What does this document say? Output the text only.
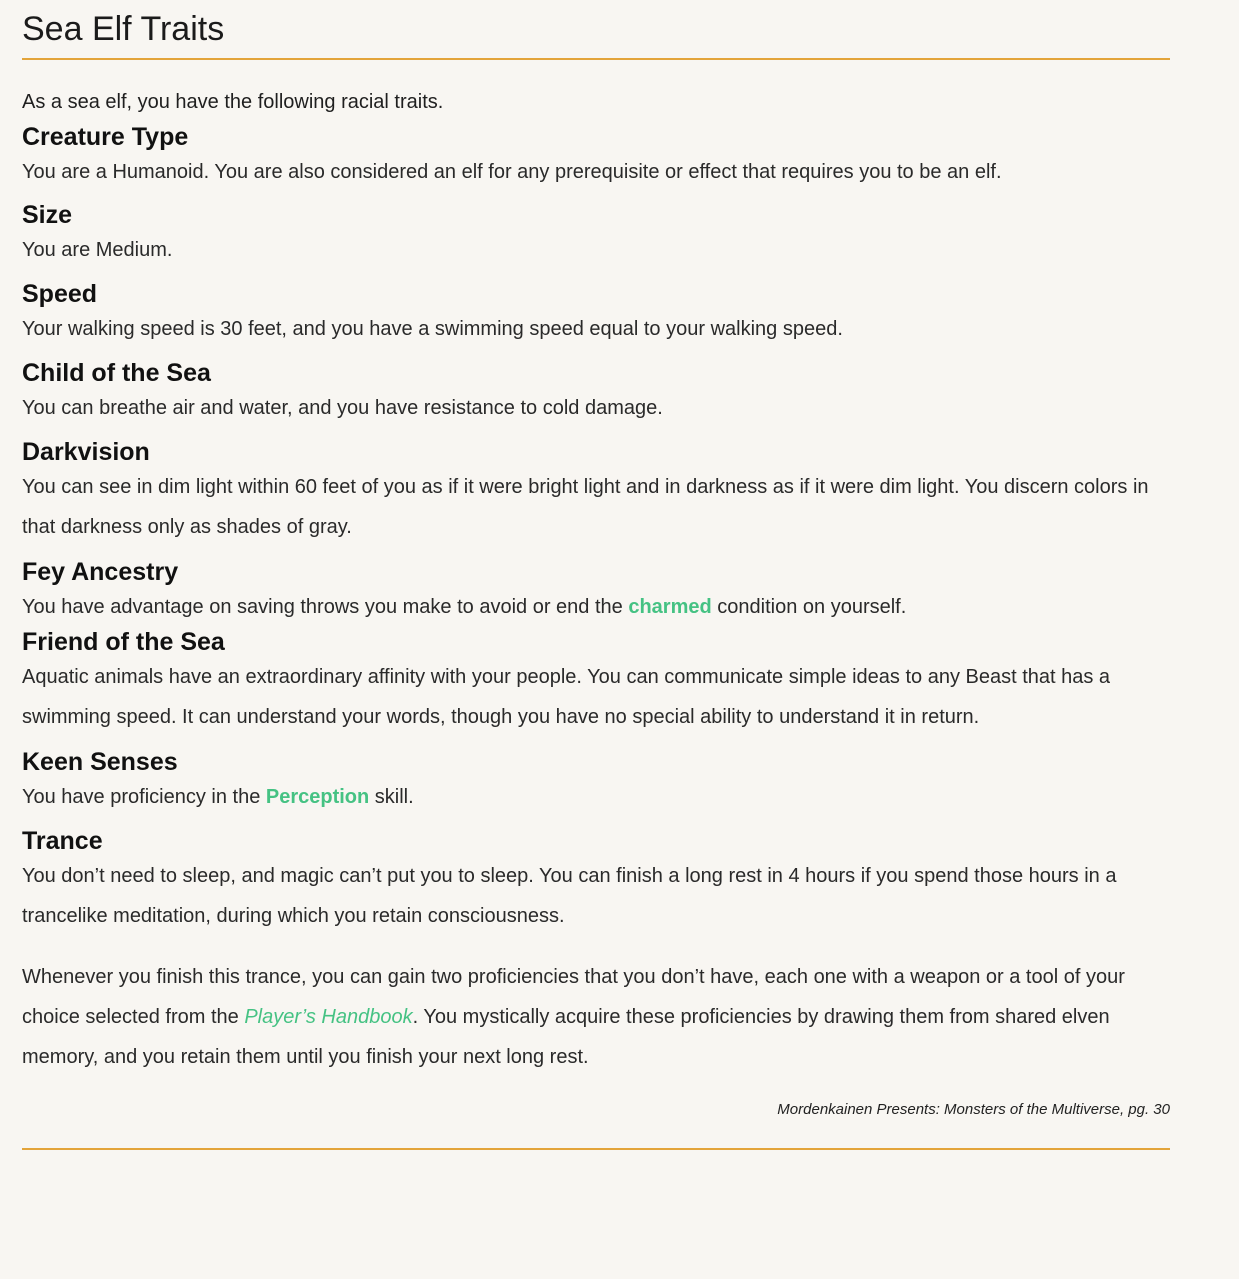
Sea Elf Traits

As a sea elf, you have the following racial traits.

Creature Type

You are a Humanoid. You are also considered an elf for any prerequisite or effect that requires you to be an elf.

Size

You are Medium.

Speed

Your walking speed is 30 feet, and you have a swimming speed equal to your walking speed.

Child of the Sea

You can breathe air and water, and you have resistance to cold damage.

Darkvision

You can see in dim light within 60 feet of you as if it were bright light and in darkness as if it were dim light. You discern colors in that darkness only as shades of gray.

Fey Ancestry

You have advantage on saving throws you make to avoid or end the charmed condition on yourself.

Friend of the Sea

Aquatic animals have an extraordinary affinity with your people. You can communicate simple ideas to any Beast that has a swimming speed. It can understand your words, though you have no special ability to understand it in return.

Keen Senses

You have proficiency in the Perception skill.

Trance

You don’t need to sleep, and magic can’t put you to sleep. You can finish a long rest in 4 hours if you spend those hours in a trancelike meditation, during which you retain consciousness.

Whenever you finish this trance, you can gain two proficiencies that you don’t have, each one with a weapon or a tool of your choice selected from the Player’s Handbook. You mystically acquire these proficiencies by drawing them from shared elven memory, and you retain them until you finish your next long rest.

Mordenkainen Presents: Monsters of the Multiverse, pg. 30
